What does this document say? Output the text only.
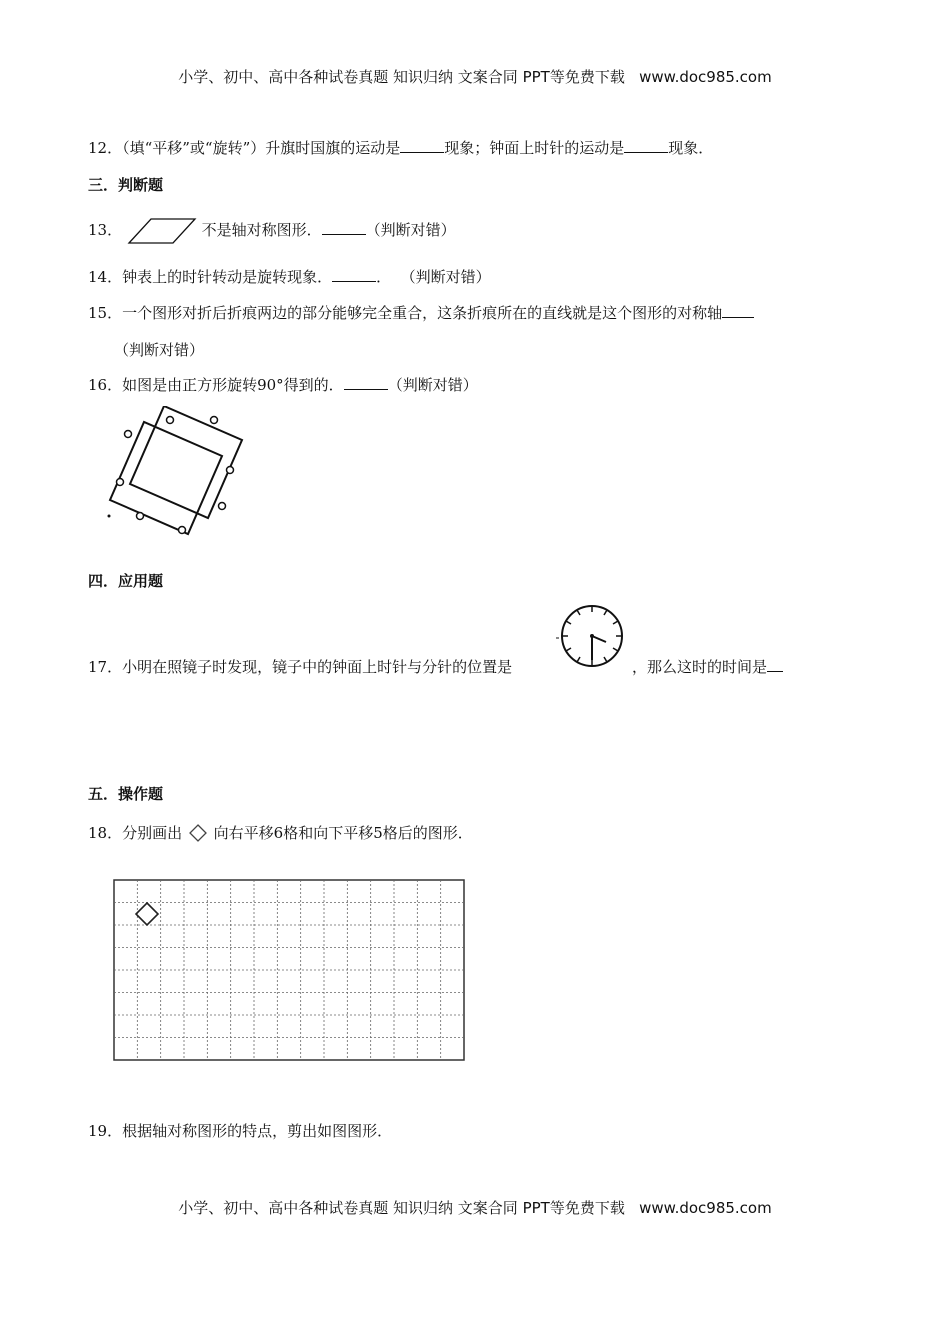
小学、初中、高中各种试卷真题 知识归纳 文案合同 PPT等免费下载 www.doc985.com
12．（填“平移”或“旋转”）升旗时国旗的运动是	现象；钟面上时针的运动是	现象．
三．判断题
13．	不是轴对称图形．	（判断对错）
14．钟表上的时针转动是旋转现象．	． （判断对错）
15．一个图形对折后折痕两边的部分能够完全重合，这条折痕所在的直线就是这个图形的对称轴
（判断对错）
16．如图是由正方形旋转90°得到的．	（判断对错）
四．应用题
17．小明在照镜子时发现，镜子中的钟面上时针与分针的位置是	，那么这时的时间是
五．操作题
18．分别画出 向右平移6格和向下平移5格后的图形．
19．根据轴对称图形的特点，剪出如图图形．
小学、初中、高中各种试卷真题 知识归纳 文案合同 PPT等免费下载 www.doc985.com
